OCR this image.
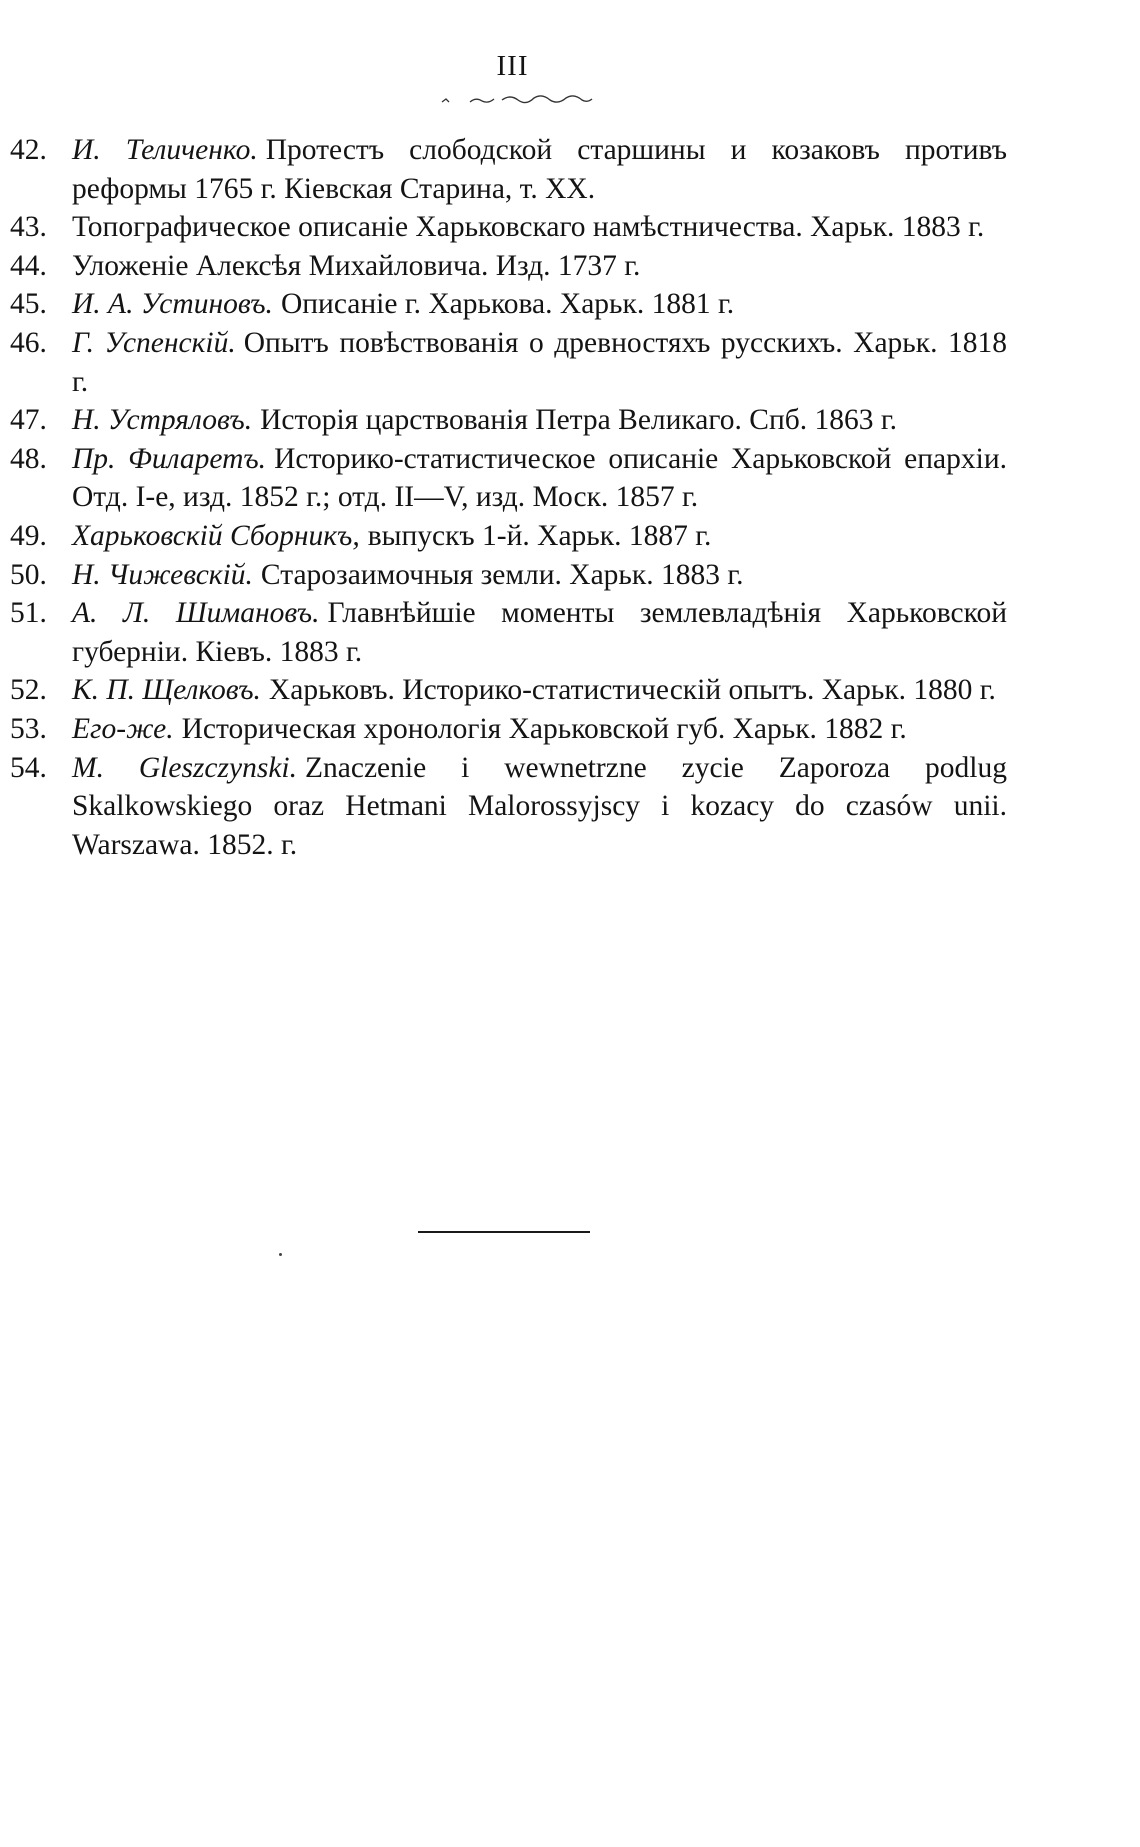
III
42. И. Теличенко. Протестъ слободской старшины и козаковъ противъ реформы 1765 г. Кіевская Старина, т. XX.
43. Топографическое описаніе Харьковскаго намѣстничества. Харьк. 1883 г.
44. Уложеніе Алексѣя Михайловича. Изд. 1737 г.
45. И. А. Устиновъ. Описаніе г. Харькова. Харьк. 1881 г.
46. Г. Успенскій. Опытъ повѣствованія о древностяхъ русскихъ. Харьк. 1818 г.
47. Н. Устряловъ. Исторія царствованія Петра Великаго. Спб. 1863 г.
48. Пр. Филаретъ. Историко-статистическое описаніе Харьковской епархіи. Отд. I-е, изд. 1852 г.; отд. II—V, изд. Моск. 1857 г.
49. Харьковскій Сборникъ, выпускъ 1-й. Харьк. 1887 г.
50. Н. Чижевскій. Старозаимочныя земли. Харьк. 1883 г.
51. А. Л. Шимановъ. Главнѣйшіе моменты землевладѣнія Харьковской губерніи. Кіевъ. 1883 г.
52. К. П. Щелковъ. Харьковъ. Историко-статистическій опытъ. Харьк. 1880 г.
53. Его-же. Историческая хронологія Харьковской губ. Харьк. 1882 г.
54. M. Gleszczynski. Znaczenie i wewnetrzne zycie Zaporoza podlug Skalkowskiego oraz Hetmani Malorossyjscy i kozacy do czasów unii. Warszawa. 1852. г.
